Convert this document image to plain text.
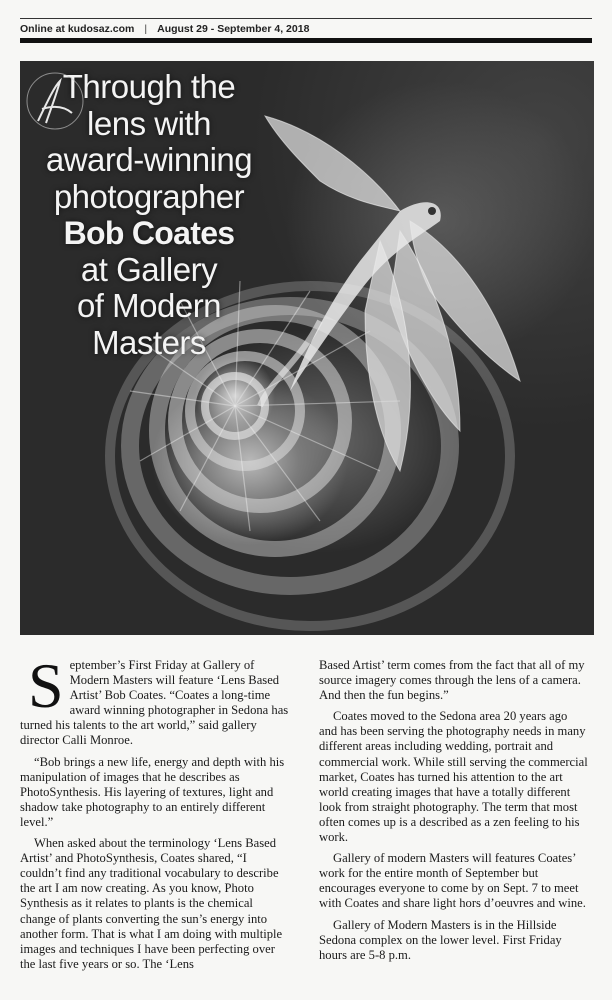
Online at kudosaz.com | August 29 - September 4, 2018
Through the
lens with
award-winning
photographer
Bob Coates
at Gallery
of Modern
Masters

September’s First Friday at Gallery of Modern Masters will feature ‘Lens Based Artist’ Bob Coates. “Coates a long-time award winning photographer in Sedona has turned his talents to the art world,” said gallery director Calli Monroe.

“Bob brings a new life, energy and depth with his manipulation of images that he describes as PhotoSynthesis. His layering of textures, light and shadow take photography to an entirely different level.”

When asked about the terminology ‘Lens Based Artist’ and PhotoSynthesis, Coates shared, “I couldn’t find any traditional vocabulary to describe the art I am now creating. As you know, Photo Synthesis as it relates to plants is the chemical change of plants converting the sun’s energy into another form. That is what I am doing with multiple images and techniques I have been perfecting over the last five years or so. The ‘Lens

Based Artist’ term comes from the fact that all of my source imagery comes through the lens of a camera. And then the fun begins.”

Coates moved to the Sedona area 20 years ago and has been serving the photography needs in many different areas including wedding, portrait and commercial work. While still serving the commercial market, Coates has turned his attention to the art world creating images that have a totally different look from straight photography. The term that most often comes up is a described as a zen feeling to his work.

Gallery of modern Masters will features Coates’ work for the entire month of September but encourages everyone to come by on Sept. 7 to meet with Coates and share light hors d’oeuvres and wine.

Gallery of Modern Masters is in the Hillside Sedona complex on the lower level. First Friday hours are 5-8 p.m.
